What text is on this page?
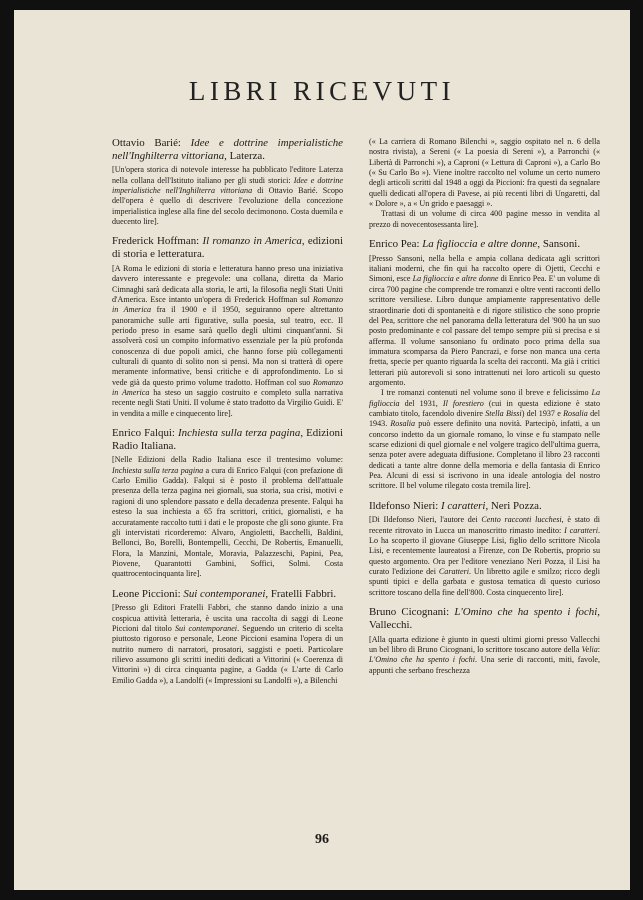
LIBRI RICEVUTI

Ottavio Barié: Idee e dottrine imperialistiche nell'Inghilterra vittoriana, Laterza.

[Un'opera storica di notevole interesse ha pubblicato l'editore Laterza nella collana dell'Istituto italiano per gli studi storici: Idee e dottrine imperialistiche nell'Inghilterra vittoriana di Ottavio Barié. Scopo dell'opera è quello di descrivere l'evoluzione della concezione imperialistica inglese alla fine del secolo decimonono. Costa duemila e duecento lire].

Frederick Hoffman: Il romanzo in America, edizioni di storia e letteratura.

[A Roma le edizioni di storia e letteratura hanno preso una iniziativa davvero interessante e pregevole: una collana, diretta da Mario Cimnaghi sarà dedicata alla storia, le arti, la filosofia negli Stati Uniti d'America. Esce intanto un'opera di Frederick Hoffman sul Romanzo in America fra il 1900 e il 1950, seguiranno opere altrettanto panoramiche sulle arti figurative, sulla poesia, sul teatro, ecc. Il periodo preso in esame sarà quello degli ultimi cinquant'anni. Si assolverà così un compito informativo essenziale per la più profonda conoscenza di due popoli amici, che hanno forse più collegamenti culturali di quanto di solito non si pensi. Ma non si tratterà di opere meramente informative, bensì critiche e di approfondimento. Lo si vede già da questo primo volume tradotto. Hoffman col suo Romanzo in America ha steso un saggio costruito e completo sulla narrativa recente negli Stati Uniti. Il volume è stato tradotto da Virgilio Guidi. E' in vendita a mille e cinquecento lire].

Enrico Falqui: Inchiesta sulla terza pagina, Edizioni Radio Italiana.

[Nelle Edizioni della Radio Italiana esce il trentesimo volume: Inchiesta sulla terza pagina a cura di Enrico Falqui (con prefazione di Carlo Emilio Gadda). Falqui si è posto il problema dell'attuale presenza della terza pagina nei giornali, sua storia, sua crisi, motivi e ragioni di uno splendore passato e della decadenza presente. Falqui ha esteso la sua inchiesta a 65 fra scrittori, critici, giornalisti, e ha accuratamente raccolto tutti i dati e le proposte che gli sono giunte. Fra gli intervistati ricorderemo: Alvaro, Angioletti, Bacchelli, Baldini, Bellonci, Bo, Borelli, Bontempelli, Cecchi, De Robertis, Emanuelli, Flora, la Manzini, Montale, Moravia, Palazzeschi, Papini, Pea, Piovene, Quarantotti Gambini, Soffici, Solmi. Costa quattrocentocinquanta lire].

Leone Piccioni: Sui contemporanei, Fratelli Fabbri.

[Presso gli Editori Fratelli Fabbri, che stanno dando inizio a una cospicua attività letteraria, è uscita una raccolta di saggi di Leone Piccioni dal titolo Sui contemporanei. Seguendo un criterio di scelta piuttosto rigoroso e personale, Leone Piccioni esamina l'opera di un nutrito numero di narratori, prosatori, saggisti e poeti. Particolare rilievo assumono gli scritti inediti dedicati a Vittorini (« Coerenza di Vittorini ») di circa cinquanta pagine, a Gadda (« L'arte di Carlo Emilio Gadda »), a Landolfi (« Impressioni su Landolfi »), a Bilenchi

(« La carriera di Romano Bilenchi », saggio ospitato nel n. 6 della nostra rivista), a Sereni (« La poesia di Sereni »), a Parronchi (« Libertà di Parronchi »), a Caproni (« Lettura di Caproni »), a Carlo Bo (« Su Carlo Bo »). Viene inoltre raccolto nel volume un certo numero degli articoli scritti dal 1948 a oggi da Piccioni: fra questi da segnalare quelli dedicati all'opera di Pavese, ai più recenti libri di Ungaretti, dal « Dolore », a « Un grido e paesaggi ».

Trattasi di un volume di circa 400 pagine messo in vendita al prezzo di novecentosessanta lire].

Enrico Pea: La figlioccia e altre donne, Sansoni.

[Presso Sansoni, nella bella e ampia collana dedicata agli scrittori italiani moderni, che fin qui ha raccolto opere di Ojetti, Cecchi e Simoni, esce La figlioccia e altre donne di Enrico Pea. E' un volume di circa 700 pagine che comprende tre romanzi e oltre venti racconti dello scrittore versiliese. Libro dunque ampiamente rappresentativo delle straordinarie doti di spontaneità e di rigore stilistico che sono proprie del Pea, scrittore che nel panorama della letteratura del '900 ha un suo posto predominante e col passare del tempo sempre più si precisa e si afferma. Il volume sansoniano fu ordinato poco prima della sua immatura scomparsa da Piero Pancrazi, e forse non manca una certa fretta, specie per quanto riguarda la scelta dei racconti. Ma già i critici letterari più autorevoli si sono intrattenuti nei loro articoli su questo argomento.

I tre romanzi contenuti nel volume sono il breve e felicissimo La figlioccia del 1931, Il forestiero (cui in questa edizione è stato cambiato titolo, facendolo divenire Stella Bissi) del 1937 e Rosalia del 1943. Rosalia può essere definito una novità. Partecipò, infatti, a un concorso indetto da un giornale romano, lo vinse e fu stampato nelle scarse edizioni di quel giornale e nel volgere tragico dell'ultima guerra, senza poter avere adeguata diffusione. Completano il libro 23 racconti dedicati a tante altre donne della memoria e della fantasia di Enrico Pea. Alcuni di essi si iscrivono in una ideale antologia del nostro scrittore. Il bel volume rilegato costa tremila lire].

Ildefonso Nieri: I caratteri, Neri Pozza.

[Di Ildefonso Nieri, l'autore dei Cento racconti lucchesi, è stato di recente ritrovato in Lucca un manoscritto rimasto inedito: I caratteri. Lo ha scoperto il giovane Giuseppe Lisi, figlio dello scrittore Nicola Lisi, e recentemente laureatosi a Firenze, con De Robertis, proprio su questo argomento. Ora per l'editore veneziano Neri Pozza, il Lisi ha curato l'edizione dei Caratteri. Un libretto agile e smilzo; ricco degli spunti tipici e della garbata e gustosa tematica di questo curioso scrittore toscano della fine dell'800. Costa cinquecento lire].

Bruno Cicognani: L'Omino che ha spento i fochi, Vallecchi.

[Alla quarta edizione è giunto in questi ultimi giorni presso Vallecchi un bel libro di Bruno Cicognani, lo scrittore toscano autore della Velia: L'Omino che ha spento i fochi. Una serie di racconti, miti, favole, appunti che serbano freschezza

96
